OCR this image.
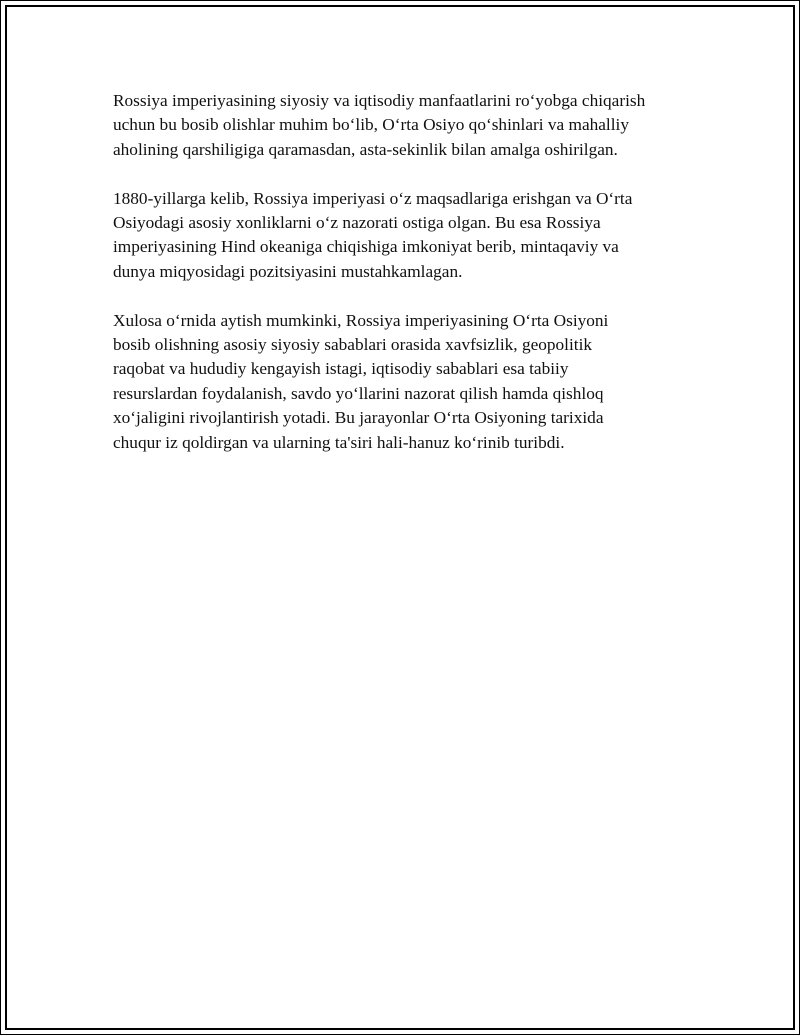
Rossiya imperiyasining siyosiy va iqtisodiy manfaatlarini ro‘yobga chiqarish
uchun bu bosib olishlar muhim bo‘lib, O‘rta Osiyo qo‘shinlari va mahalliy
aholining qarshiligiga qaramasdan, asta-sekinlik bilan amalga oshirilgan.

1880-yillarga kelib, Rossiya imperiyasi o‘z maqsadlariga erishgan va O‘rta
Osiyodagi asosiy xonliklarni o‘z nazorati ostiga olgan. Bu esa Rossiya
imperiyasining Hind okeaniga chiqishiga imkoniyat berib, mintaqaviy va
dunya miqyosidagi pozitsiyasini mustahkamlagan.

Xulosa o‘rnida aytish mumkinki, Rossiya imperiyasining O‘rta Osiyoni
bosib olishning asosiy siyosiy sabablari orasida xavfsizlik, geopolitik
raqobat va hududiy kengayish istagi, iqtisodiy sabablari esa tabiiy
resurslardan foydalanish, savdo yo‘llarini nazorat qilish hamda qishloq
xo‘jaligini rivojlantirish yotadi. Bu jarayonlar O‘rta Osiyoning tarixida
chuqur iz qoldirgan va ularning ta'siri hali-hanuz ko‘rinib turibdi.
